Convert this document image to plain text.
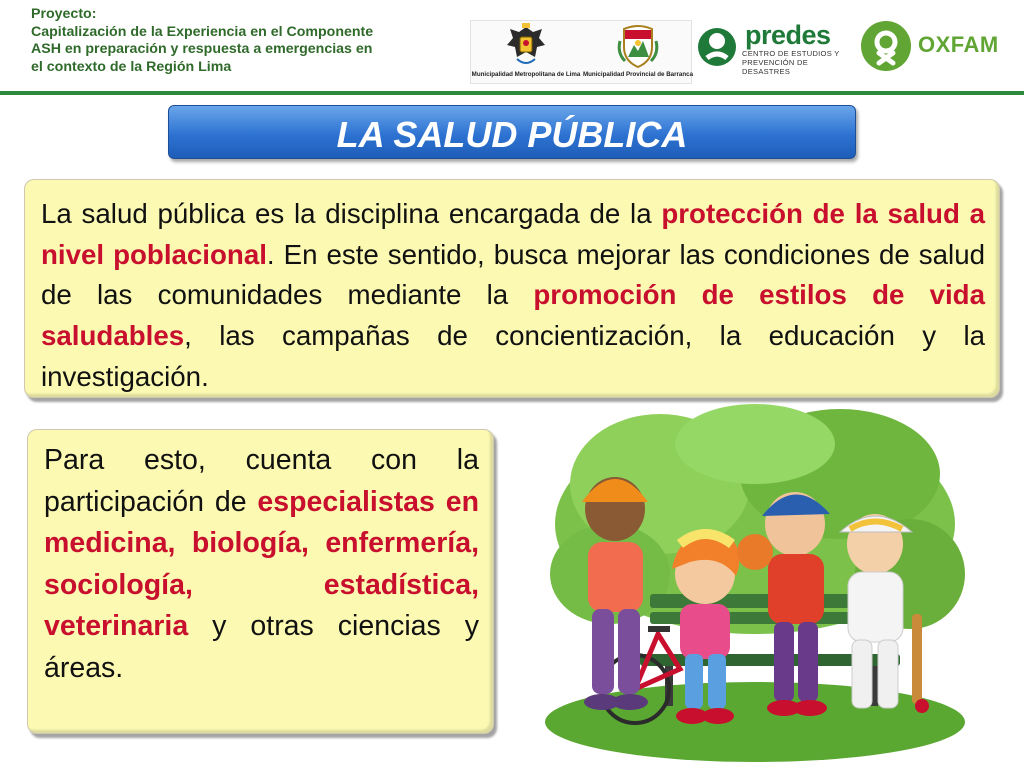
Proyecto:
Capitalización de la Experiencia en el Componente
ASH en preparación y respuesta a emergencias en
el contexto de la Región Lima	Municipalidad Metropolitana de Lima Municipalidad Provincial de Barranca
predes
CENTRO DE ESTUDIOS Y
PREVENCIÓN DE DESASTRES
OXFAM
LA SALUD PÚBLICA
La salud pública es la disciplina encargada de la protección de la salud a nivel poblacional. En este sentido, busca mejorar las condiciones de salud de las comunidades mediante la promoción de estilos de vida saludables, las campañas de concientización, la educación y la investigación.
Para esto, cuenta con la participación de especialistas en medicina, biología, enfermería, sociología, estadística, veterinaria y otras ciencias y áreas.
